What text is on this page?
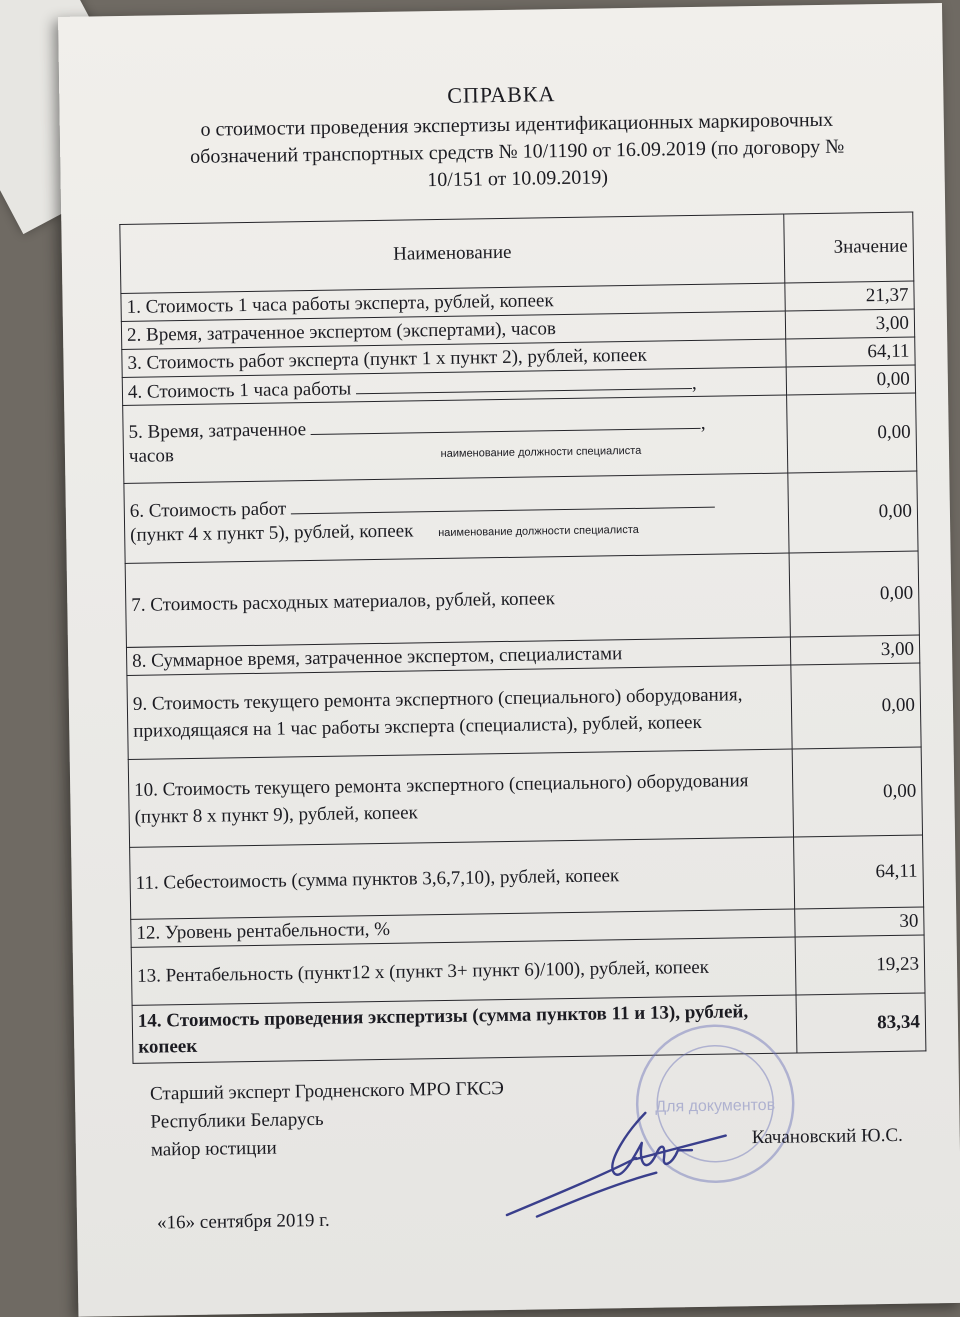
СПРАВКА
о стоимости проведения экспертизы идентификационных маркировочных
обозначений транспортных средств № 10/1190 от 16.09.2019 (по договору №
10/151 от 10.09.2019)
Наименование	Значение
1. Стоимость 1 часа работы эксперта, рублей, копеек	21,37
2. Время, затраченное экспертом (экспертами), часов	3,00
3. Стоимость работ эксперта (пункт 1 х пункт 2), рублей, копеек	64,11
4. Стоимость 1 часа работы ,	0,00
5. Время, затраченное ,
часов наименование должности специалиста	0,00
6. Стоимость работ
(пункт 4 х пункт 5), рублей, копеек наименование должности специалиста	0,00
7. Стоимость расходных материалов, рублей, копеек	0,00
8. Суммарное время, затраченное экспертом, специалистами	3,00
9. Стоимость текущего ремонта экспертного (специального) оборудования, приходящаяся на 1 час работы эксперта (специалиста), рублей, копеек	0,00
10. Стоимость текущего ремонта экспертного (специального) оборудования (пункт 8 х пункт 9), рублей, копеек	0,00
11. Себестоимость (сумма пунктов 3,6,7,10), рублей, копеек	64,11
12. Уровень рентабельности, %	30
13. Рентабельность (пункт12 х (пункт 3+ пункт 6)/100), рублей, копеек	19,23
14. Стоимость проведения экспертизы (сумма пунктов 11 и 13), рублей, копеек	83,34
Для документов
Старший эксперт Гродненского МРО ГКСЭ
Республики Беларусь
майор юстиции
Качановский Ю.С.
«16» сентября 2019 г.
